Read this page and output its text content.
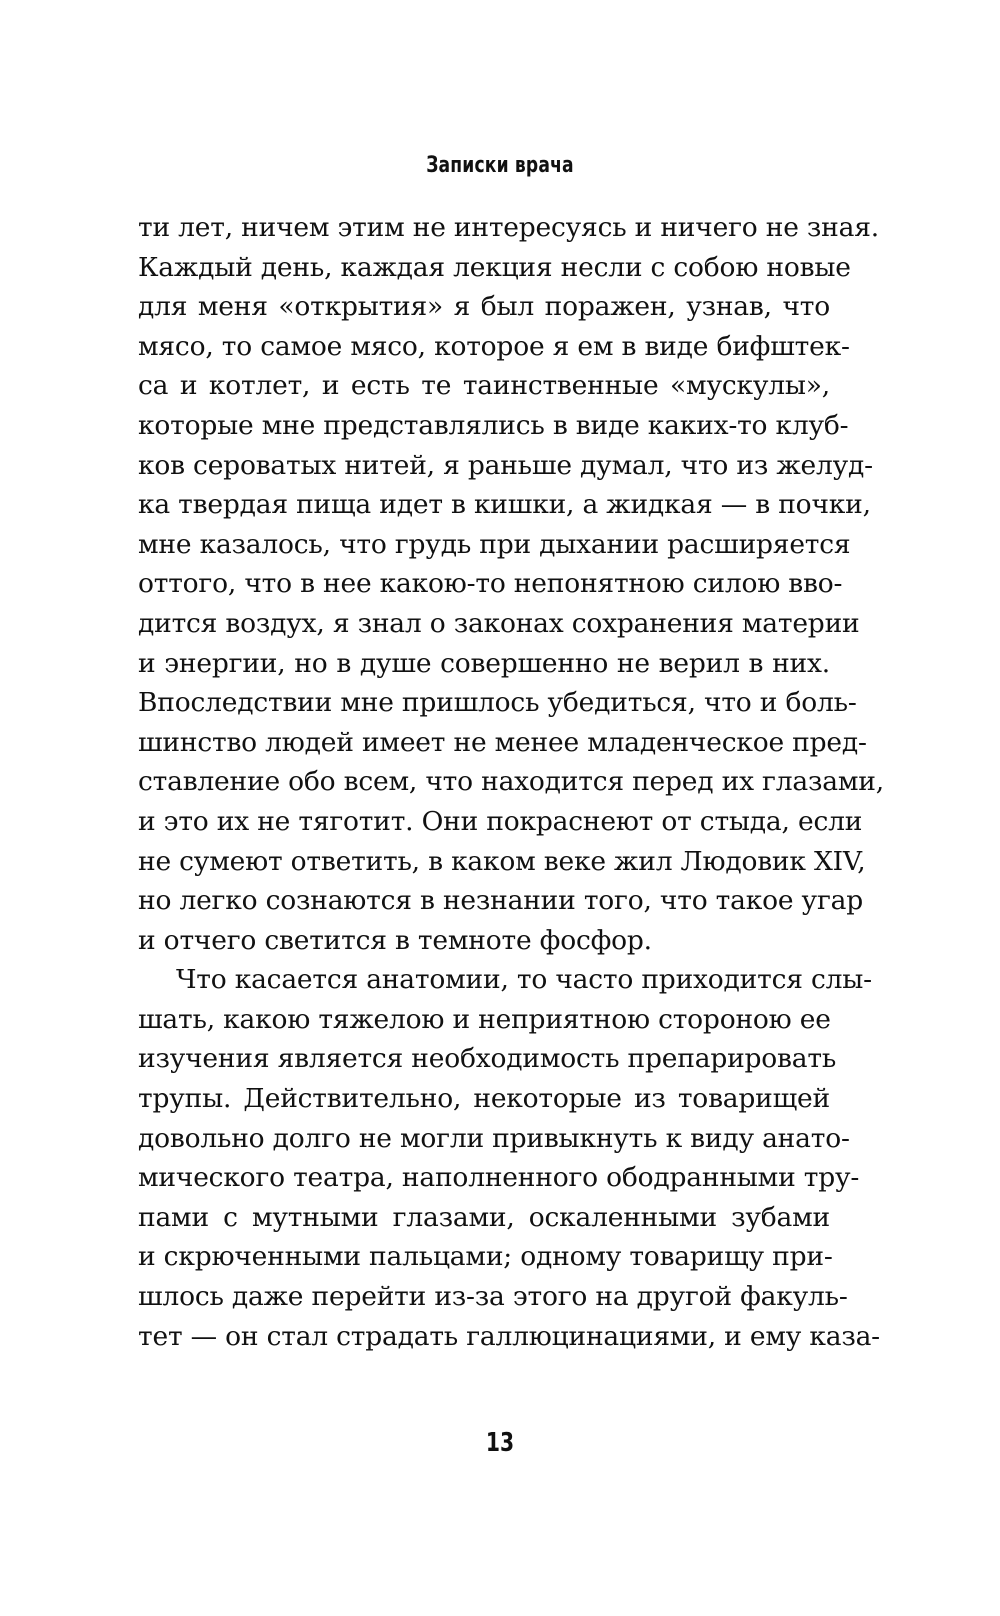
Записки врача
ти лет, ничем этим не интересуясь и ничего не зная.
Каждый день, каждая лекция несли с собою новые
для меня «открытия» я был поражен, узнав, что
мясо, то самое мясо, которое я ем в виде бифштек-
са и котлет, и есть те таинственные «мускулы»,
которые мне представлялись в виде каких-то клуб-
ков сероватых нитей, я раньше думал, что из желуд-
ка твердая пища идет в кишки, а жидкая — в почки,
мне казалось, что грудь при дыхании расширяется
оттого, что в нее какою-то непонятною силою вво-
дится воздух, я знал о законах сохранения материи
и энергии, но в душе совершенно не верил в них.
Впоследствии мне пришлось убедиться, что и боль-
шинство людей имеет не менее младенческое пред-
ставление обо всем, что находится перед их глазами,
и это их не тяготит. Они покраснеют от стыда, если
не сумеют ответить, в каком веке жил Людовик XIV,
но легко сознаются в незнании того, что такое угар
и отчего светится в темноте фосфор.
Что касается анатомии, то часто приходится слы-
шать, какою тяжелою и неприятною стороною ее
изучения является необходимость препарировать
трупы. Действительно, некоторые из товарищей
довольно долго не могли привыкнуть к виду анато-
мического театра, наполненного ободранными тру-
пами с мутными глазами, оскаленными зубами
и скрюченными пальцами; одному товарищу при-
шлось даже перейти из-за этого на другой факуль-
тет — он стал страдать галлюцинациями, и ему каза-
13
